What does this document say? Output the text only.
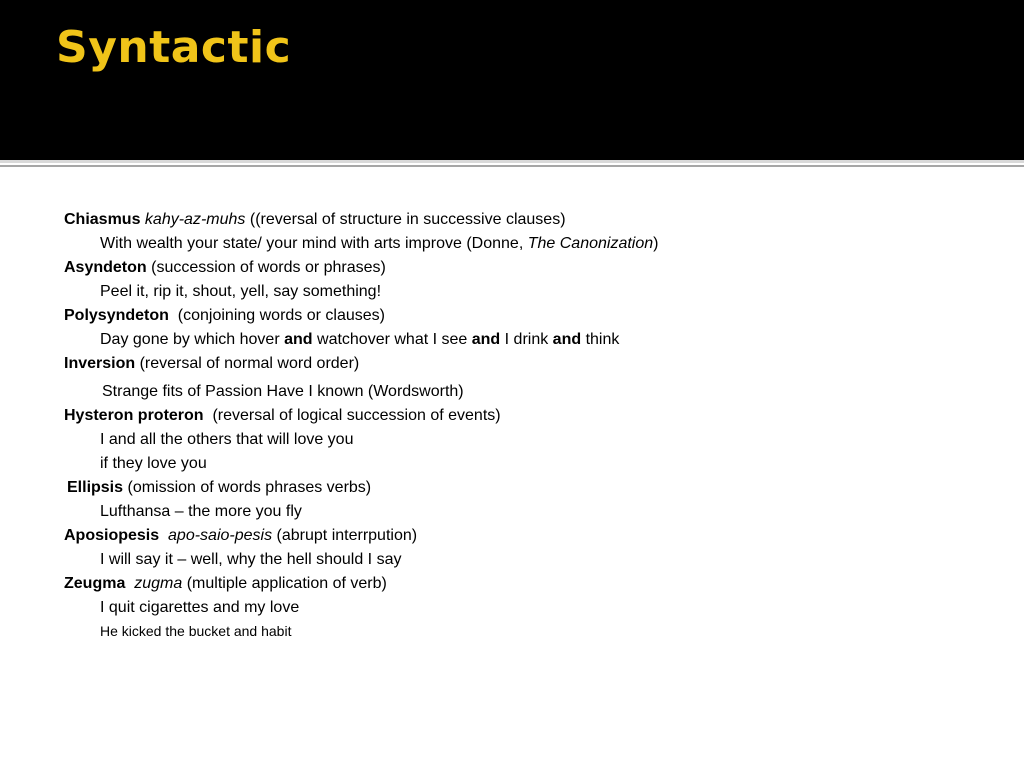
Syntactic
Chiasmus kahy-az-muhs ((reversal of structure in successive clauses)
With wealth your state/ your mind with arts improve (Donne, The Canonization)
Asyndeton (succession of words or phrases)
Peel it, rip it, shout, yell, say something!
Polysyndeton (conjoining words or clauses)
Day gone by which hover and watchover what I see and I drink and think
Inversion (reversal of normal word order)
Strange fits of Passion Have I known (Wordsworth)
Hysteron proteron (reversal of logical succession of events)
I and all the others that will love you
if they love you
Ellipsis (omission of words phrases verbs)
Lufthansa – the more you fly
Aposiopesis apo-saio-pesis (abrupt interrpution)
I will say it – well, why the hell should I say
Zeugma zugma (multiple application of verb)
I quit cigarettes and my love
He kicked the bucket and habit
